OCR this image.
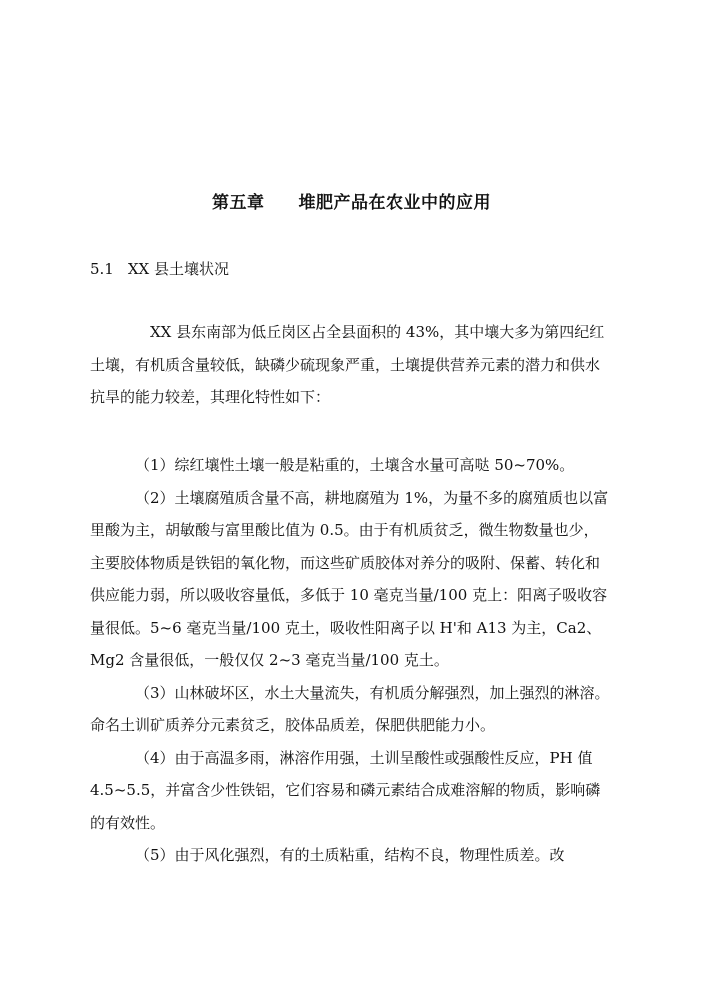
第五章 堆肥产品在农业中的应用
5.1 XX 县土壤状况

XX 县东南部为低丘岗区占全县面积的 43%，其中壤大多为第四纪红土壤，有机质含量较低，缺磷少硫现象严重，土壤提供营养元素的潜力和供水抗旱的能力较差，其理化特性如下：

（1）综红壤性土壤一般是粘重的，土壤含水量可高哒 50~70%。

（2）土壤腐殖质含量不高，耕地腐殖为 1%，为量不多的腐殖质也以富里酸为主，胡敏酸与富里酸比值为 0.5。由于有机质贫乏，微生物数量也少，主要胶体物质是铁铝的氧化物，而这些矿质胶体对养分的吸附、保蓄、转化和供应能力弱，所以吸收容量低，多低于 10 毫克当量/100 克上：阳离子吸收容量很低。5~6 毫克当量/100 克土，吸收性阳离子以 H'和 A13 为主，Ca2、Mg2 含量很低，一般仅仅 2~3 毫克当量/100 克土。

（3）山林破坏区，水土大量流失，有机质分解强烈，加上强烈的淋溶。命名土训矿质养分元素贫乏，胶体品质差，保肥供肥能力小。

（4）由于高温多雨，淋溶作用强，土训呈酸性或强酸性反应，PH 值 4.5~5.5，并富含少性铁铝，它们容易和磷元素结合成难溶解的物质，影响磷的有效性。

（5）由于风化强烈，有的土质粘重，结构不良，物理性质差。改
